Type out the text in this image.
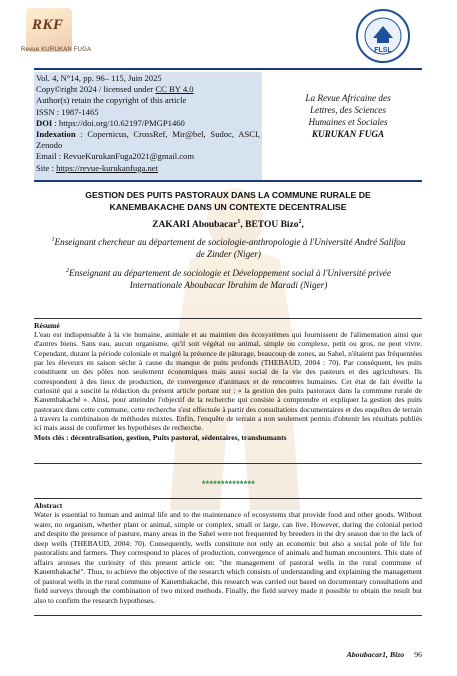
RKF
Revue KURUKAN FUGA	FLSL
Vol. 4, N°14, pp. 96– 115, Juin 2025
Copy©right 2024 / licensed under CC BY 4.0
Author(s) retain the copyright of this article
ISSN : 1987-1465
DOI : https://doi.org/10.62197/PMGP1460
Indexation : Copernicus, CrossRef, Mir@bel, Sudoc, ASCI, Zenodo
Email : RevueKurukanFuga2021@gmail.com
Site : https://revue-kurukanfuga.net
La Revue Africaine des
Lettres, des Sciences
Humaines et Sociales
KURUKAN FUGA
GESTION DES PUITS PASTORAUX DANS LA COMMUNE RURALE DE
KANEMBAKACHE DANS UN CONTEXTE DECENTRALISE
ZAKARI Aboubacar$^1$, BETOU Bizo$^2$,
$^1$Enseignant chercheur au département de sociologie-anthropologie à l'Université André Salifou de Zinder (Niger)
$^2$Enseignant au département de sociologie et Développement social à l'Université privée Internationale Aboubacar Ibrahim de Maradi (Niger)
Résumé
L'eau est indispensable à la vie humaine, animale et au maintien des écosystèmes qui fournissent de l'alimentation ainsi que d'autres biens. Sans eau, aucun organisme, qu'il soit végétal ou animal, simple ou complexe, petit ou gros, ne peut vivre. Cependant, durant la période coloniale et malgré la présence de pâturage, beaucoup de zones, au Sahel, n'étaient pas fréquentées par les éleveurs en saison sèche à cause du manque de puits profonds (THEBAUD, 2004 : 70). Par conséquent, les puits constituent un des pôles non seulement économiques mais aussi social de la vie des pasteurs et des agriculteurs. Ils correspondent à des lieux de production, de convergence d'animaux et de rencontres humaines. Cet état de fait éveille la curiosité qui a suscité la rédaction du présent article portant sur : « la gestion des puits pastoraux dans la commune rurale de Kanembakaché ». Ainsi, pour atteindre l'objectif de la recherche qui consiste à comprendre et expliquer la gestion des puits pastoraux dans cette commune, cette recherche s'est effectuée à partir des consultations documentaires et des enquêtes de terrain à travers la combinaison de méthodes mixtes. Enfin, l'enquête de terrain a non seulement permis d'obtenir les résultats publiés ici mais aussi de confirmer les hypothèses de recherche.
Mots clés : décentralisation, gestion, Puits pastoral, sédentaires, transhumants
**************
Abstract
Water is essential to human and animal life and to the maintenance of ecosystems that provide food and other goods. Without water, no organism, whether plant or animal, simple or complex, small or large, can live. However, during the colonial period and despite the presence of pasture, many areas in the Sahel were not frequented by breeders in the dry season due to the lack of deep wells (THEBAUD, 2004: 70). Consequently, wells constitute not only an economic but also a social pole of life for pastoralists and farmers. They correspond to places of production, convergence of animals and human encounters. This state of affairs arouses the curiosity of this present article on: "the management of pastoral wells in the rural commune of Kanembakaché". Thus, to achieve the objective of the research which consists of understanding and explaining the management of pastoral wells in the rural commune of Kanembakaché, this research was carried out based on documentary consultations and field surveys through the combination of two mixed methods. Finally, the field survey made it possible to obtain the result but also to confirm the research hypotheses.
Aboubacar1, Bizo 96
